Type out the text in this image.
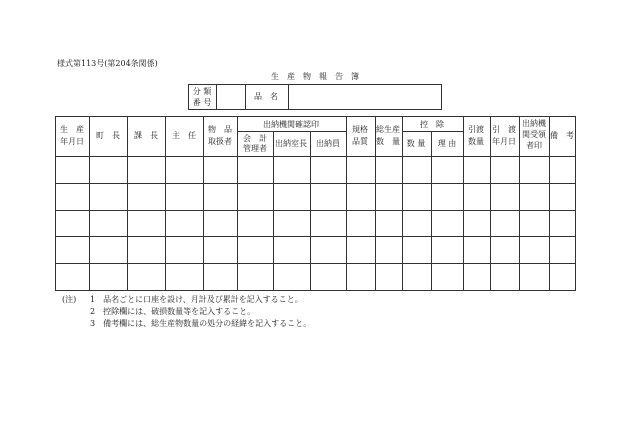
様式第113号(第204条関係)
生　産　物　報　告　簿
分 類
番 号
品　名
生　産
年月日
町　長 課　長 主　任
物　品
取扱者
出納機関確認印
会　計
管理者
出納室長 出納員
規格
品質
総生産
数　量
控　除
数 量 理 由
引渡
数量
引　渡
年月日
出納機
関受領
者印
備　考
(注) 1　品名ごとに口座を設け、月計及び累計を記入すること。
2　控除欄には、破損数量等を記入すること。
3　備考欄には、総生産物数量の処分の経緯を記入すること。
